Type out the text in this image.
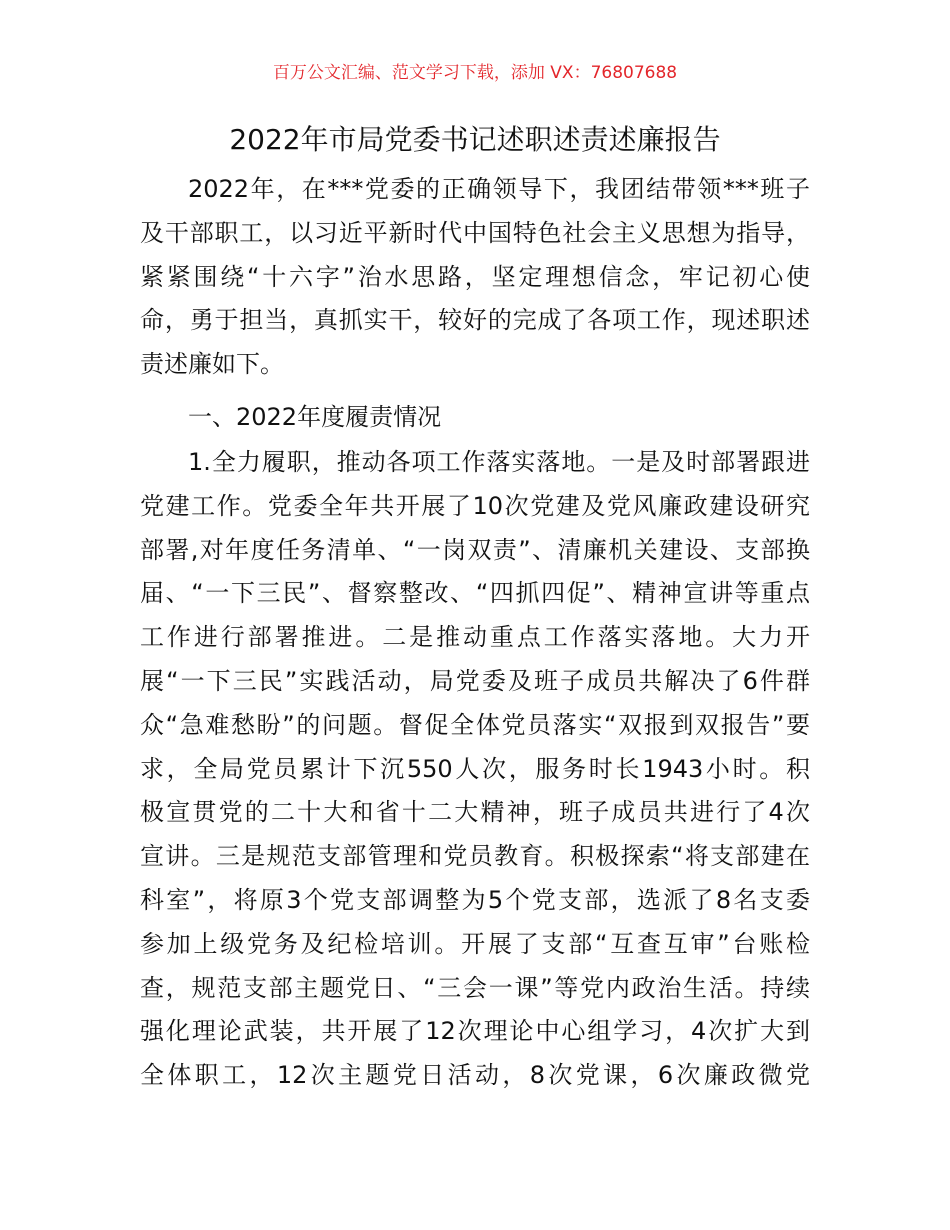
百万公文汇编、范文学习下载，添加 VX：76807688
2022年市局党委书记述职述责述廉报告
2022年，在***党委的正确领导下，我团结带领***班子
及干部职工，以习近平新时代中国特色社会主义思想为指导，
紧紧围绕“十六字”治水思路，坚定理想信念，牢记初心使
命，勇于担当，真抓实干，较好的完成了各项工作，现述职述
责述廉如下。
一、2022年度履责情况
1.全力履职，推动各项工作落实落地。一是及时部署跟进
党建工作。党委全年共开展了10次党建及党风廉政建设研究
部署,对年度任务清单、“一岗双责”、清廉机关建设、支部换
届、“一下三民”、督察整改、“四抓四促”、精神宣讲等重点
工作进行部署推进。二是推动重点工作落实落地。大力开
展“一下三民”实践活动，局党委及班子成员共解决了6件群
众“急难愁盼”的问题。督促全体党员落实“双报到双报告”要
求，全局党员累计下沉550人次，服务时长1943小时。积
极宣贯党的二十大和省十二大精神，班子成员共进行了4次
宣讲。三是规范支部管理和党员教育。积极探索“将支部建在
科室”，将原3个党支部调整为5个党支部，选派了8名支委
参加上级党务及纪检培训。开展了支部“互查互审”台账检
查，规范支部主题党日、“三会一课”等党内政治生活。持续
强化理论武装，共开展了12次理论中心组学习，4次扩大到
全体职工，12次主题党日活动，8次党课，6次廉政微党
